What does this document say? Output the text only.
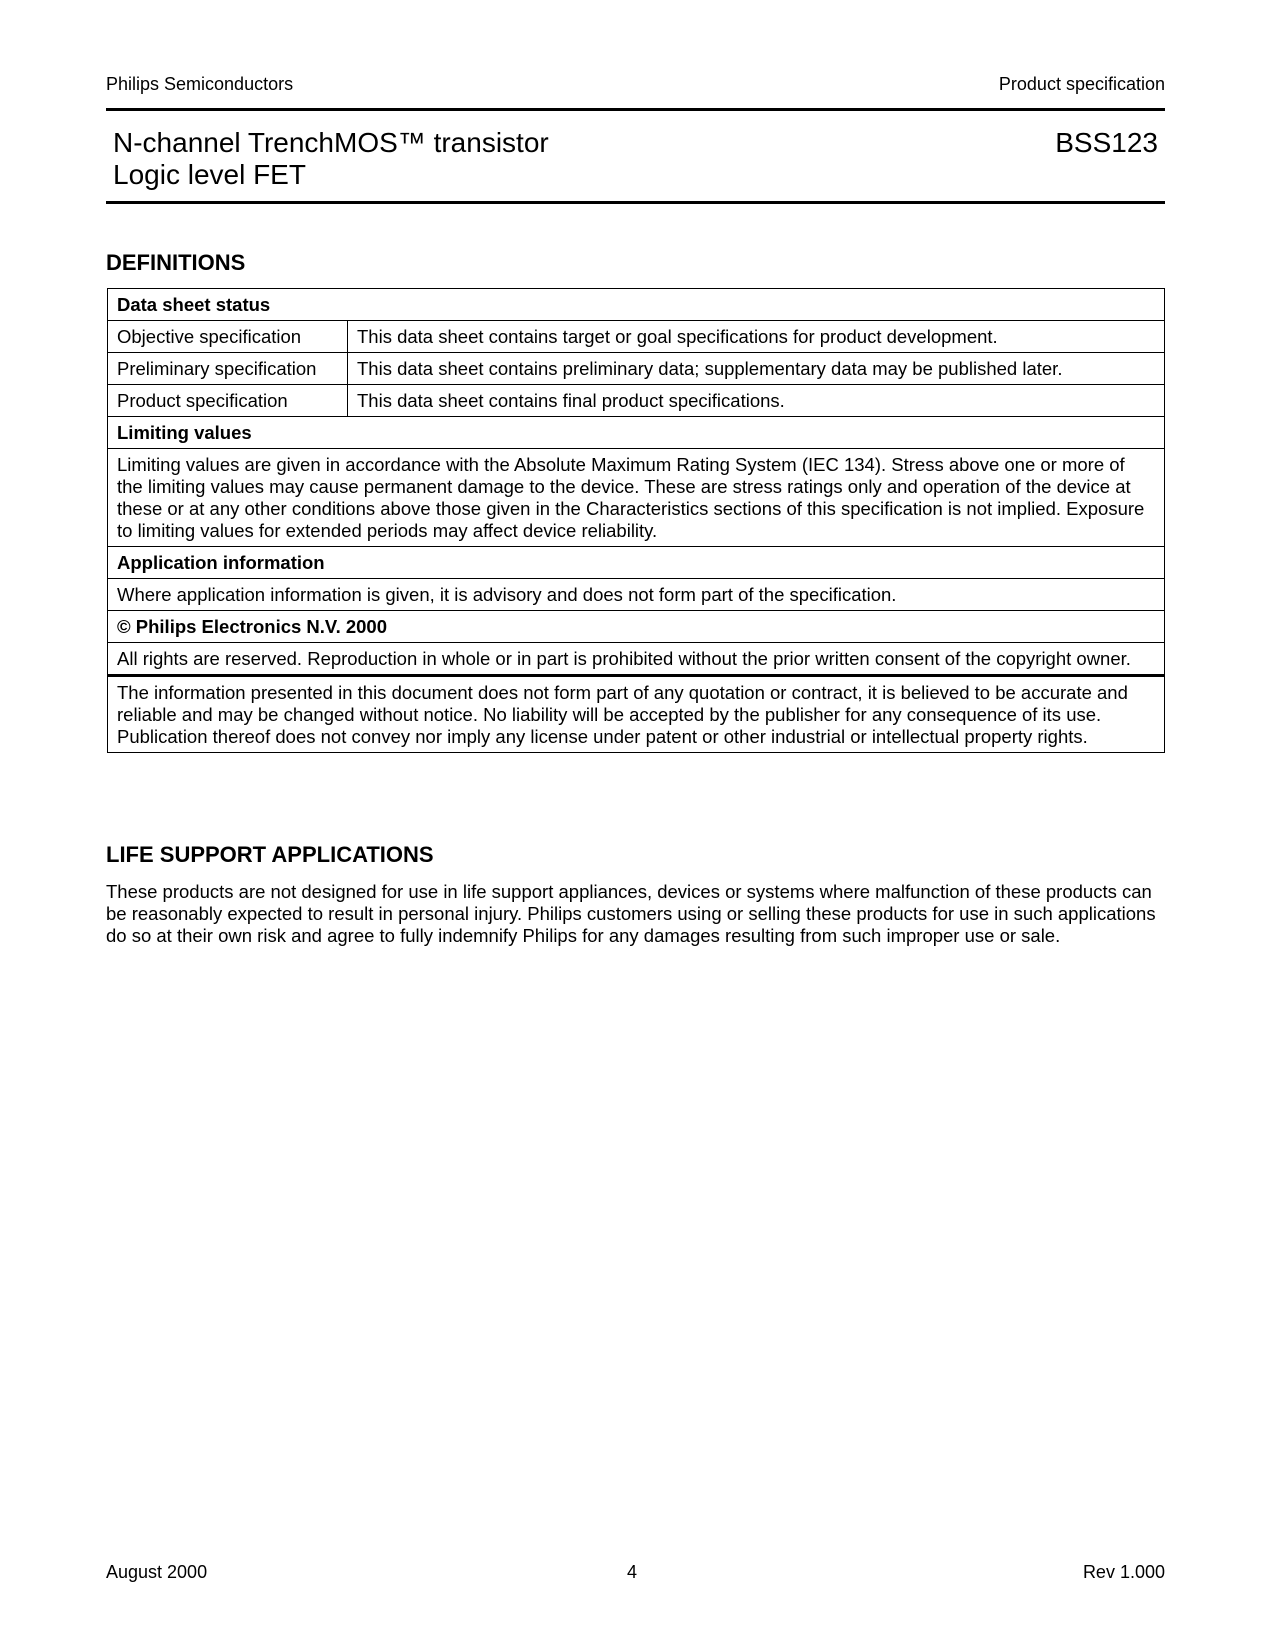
Philips Semiconductors	Product specification
N-channel TrenchMOS™ transistor
Logic level FET
BSS123
DEFINITIONS
Data sheet status	
Objective specification	This data sheet contains target or goal specifications for product development.
Preliminary specification	This data sheet contains preliminary data; supplementary data may be published later.
Product specification	This data sheet contains final product specifications.
Limiting values	
Limiting values are given in accordance with the Absolute Maximum Rating System (IEC 134). Stress above one or more of the limiting values may cause permanent damage to the device. These are stress ratings only and operation of the device at these or at any other conditions above those given in the Characteristics sections of this specification is not implied. Exposure to limiting values for extended periods may affect device reliability.	
Application information	
Where application information is given, it is advisory and does not form part of the specification.	
© Philips Electronics N.V. 2000	
All rights are reserved. Reproduction in whole or in part is prohibited without the prior written consent of the copyright owner.	
The information presented in this document does not form part of any quotation or contract, it is believed to be accurate and reliable and may be changed without notice. No liability will be accepted by the publisher for any consequence of its use. Publication thereof does not convey nor imply any license under patent or other industrial or intellectual property rights.	
LIFE SUPPORT APPLICATIONS
These products are not designed for use in life support appliances, devices or systems where malfunction of these products can be reasonably expected to result in personal injury. Philips customers using or selling these products for use in such applications do so at their own risk and agree to fully indemnify Philips for any damages resulting from such improper use or sale.
August 2000	4	Rev 1.000
